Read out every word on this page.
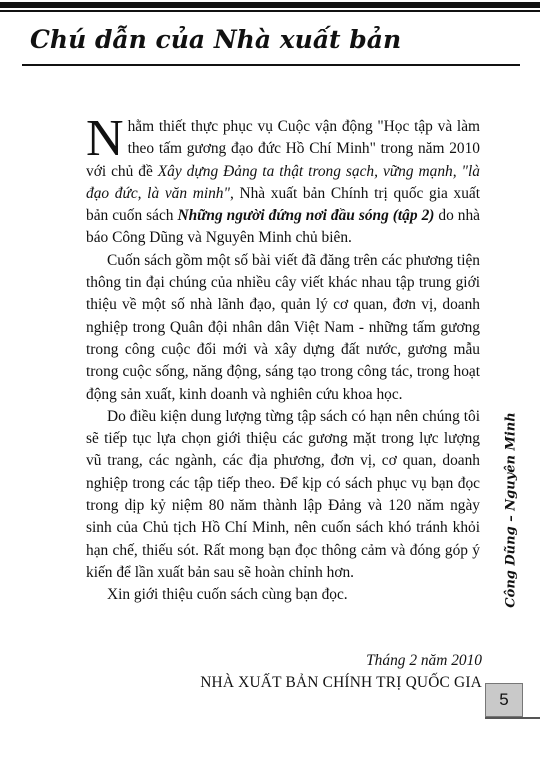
Chú dẫn của Nhà xuất bản

Nhằm thiết thực phục vụ Cuộc vận động "Học tập và làm theo tấm gương đạo đức Hồ Chí Minh" trong năm 2010 với chủ đề Xây dựng Đảng ta thật trong sạch, vững mạnh, "là đạo đức, là văn minh", Nhà xuất bản Chính trị quốc gia xuất bản cuốn sách Những người đứng nơi đầu sóng (tập 2) do nhà báo Công Dũng và Nguyên Minh chủ biên.

Cuốn sách gồm một số bài viết đã đăng trên các phương tiện thông tin đại chúng của nhiều cây viết khác nhau tập trung giới thiệu về một số nhà lãnh đạo, quản lý cơ quan, đơn vị, doanh nghiệp trong Quân đội nhân dân Việt Nam - những tấm gương trong công cuộc đổi mới và xây dựng đất nước, gương mẫu trong cuộc sống, năng động, sáng tạo trong công tác, trong hoạt động sản xuất, kinh doanh và nghiên cứu khoa học.

Do điều kiện dung lượng từng tập sách có hạn nên chúng tôi sẽ tiếp tục lựa chọn giới thiệu các gương mặt trong lực lượng vũ trang, các ngành, các địa phương, đơn vị, cơ quan, doanh nghiệp trong các tập tiếp theo. Để kịp có sách phục vụ bạn đọc trong dịp kỷ niệm 80 năm thành lập Đảng và 120 năm ngày sinh của Chủ tịch Hồ Chí Minh, nên cuốn sách khó tránh khỏi hạn chế, thiếu sót. Rất mong bạn đọc thông cảm và đóng góp ý kiến để lần xuất bản sau sẽ hoàn chỉnh hơn.

Xin giới thiệu cuốn sách cùng bạn đọc.

Tháng 2 năm 2010
NHÀ XUẤT BẢN CHÍNH TRỊ QUỐC GIA
Công Dũng – Nguyên Minh
5
